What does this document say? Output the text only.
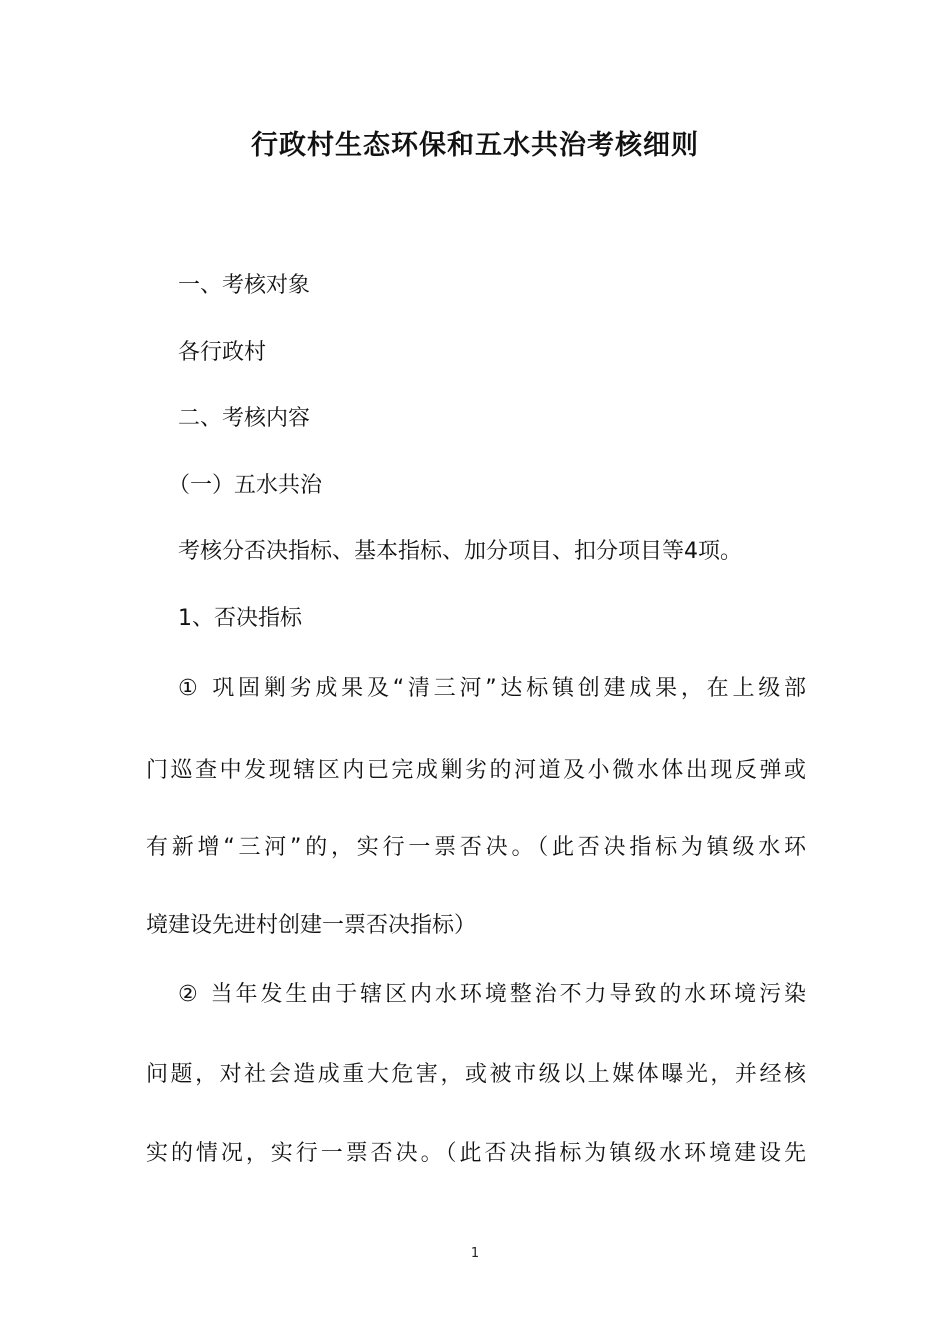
行政村生态环保和五水共治考核细则
一、考核对象
各行政村
二、考核内容
（一）五水共治
考核分否决指标、基本指标、加分项目、扣分项目等4项。
1、否决指标
① 巩固剿劣成果及“清三河”达标镇创建成果，在上级部
门巡查中发现辖区内已完成剿劣的河道及小微水体出现反弹或
有新增“三河”的，实行一票否决。（此否决指标为镇级水环
境建设先进村创建一票否决指标）
② 当年发生由于辖区内水环境整治不力导致的水环境污染
问题，对社会造成重大危害，或被市级以上媒体曝光，并经核
实的情况，实行一票否决。（此否决指标为镇级水环境建设先
1
